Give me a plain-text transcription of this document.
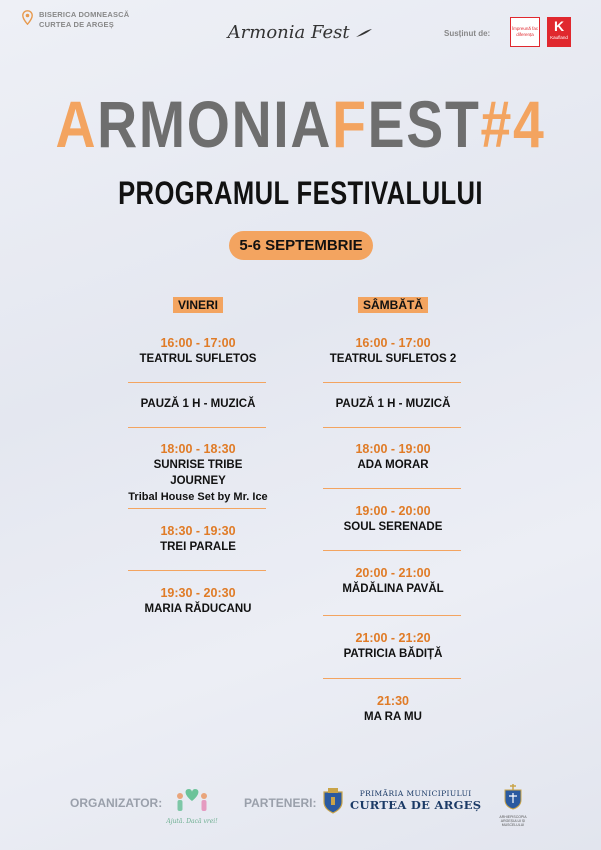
BISERICA DOMNEASCĂ
CURTEA DE ARGEȘ	Armonia Fest	Susținut de:
Împreună fac diferența
K
Kaufland
ARMONIAFEST#4
PROGRAMUL FESTIVALULUI
5-6 SEPTEMBRIE
VINERI
16:00 - 17:00
TEATRUL SUFLETOS
PAUZĂ 1 H - MUZICĂ
18:00 - 18:30
SUNRISE TRIBE JOURNEY
Tribal House Set by Mr. Ice
18:30 - 19:30
TREI PARALE
19:30 - 20:30
MARIA RĂDUCANU
SÂMBĂTĂ
16:00 - 17:00
TEATRUL SUFLETOS 2
PAUZĂ 1 H - MUZICĂ
18:00 - 19:00
ADA MORAR
19:00 - 20:00
SOUL SERENADE
20:00 - 21:00
MĂDĂLINA PAVĂL
21:00 - 21:20
PATRICIA BĂDIȚĂ
21:30
MA RA MU
ORGANIZATOR:
Ajută. Dacă vrei!
PARTENERI:
PRIMĂRIA MUNICIPIULUI
CURTEA DE ARGEȘ
ARHIEPISCOPIA ARGEȘULUI ȘI MUSCELULUI
